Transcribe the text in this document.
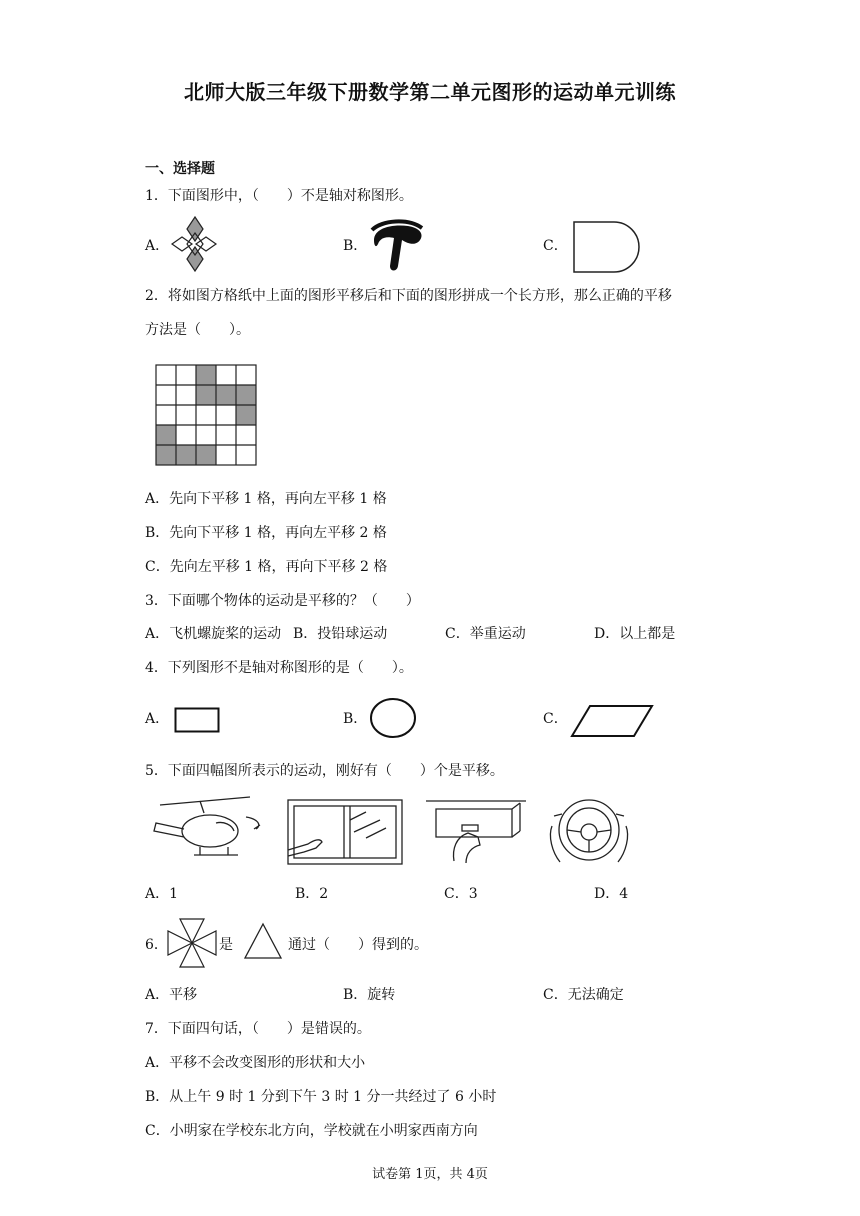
北师大版三年级下册数学第二单元图形的运动单元训练
一、选择题
1．下面图形中，（　　）不是轴对称图形。
A．	B．	C．
2．将如图方格纸中上面的图形平移后和下面的图形拼成一个长方形，那么正确的平移
方法是（　　）。
A．先向下平移 1 格，再向左平移 1 格
B．先向下平移 1 格，再向左平移 2 格
C．先向左平移 1 格，再向下平移 2 格
3．下面哪个物体的运动是平移的？（　　）
A．飞机螺旋桨的运动 B．投铅球运动	C．举重运动	D．以上都是
4．下列图形不是轴对称图形的是（　　）。
A．	B．	C．
5．下面四幅图所表示的运动，刚好有（　　）个是平移。
A．1	B．2	C．3	D．4
6．	是	通过（　　）得到的。
A．平移	B．旋转	C．无法确定
7．下面四句话，（　　）是错误的。
A．平移不会改变图形的形状和大小
B．从上午 9 时 1 分到下午 3 时 1 分一共经过了 6 小时
C．小明家在学校东北方向，学校就在小明家西南方向
试卷第 1页，共 4页
